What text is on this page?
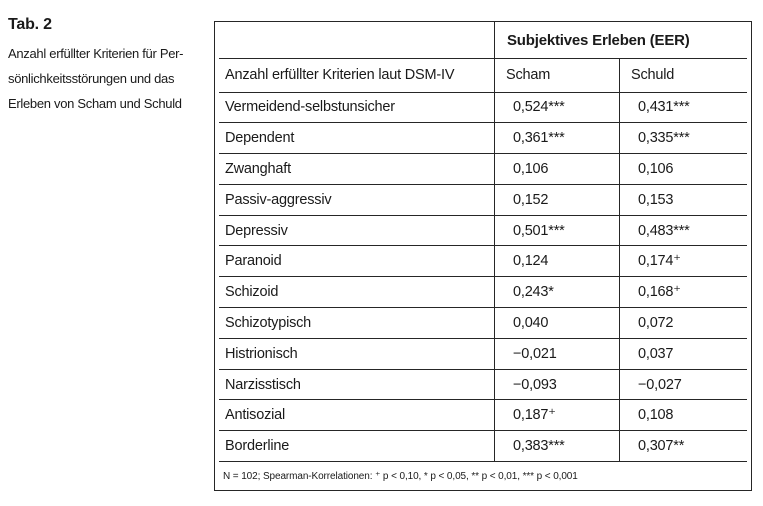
Tab. 2
Anzahl erfüllter Kriterien für Per-
sönlichkeitsstörungen und das
Erleben von Scham und Schuld
Subjektives Erleben (EER)
Anzahl erfüllter Kriterien laut DSM-IV	Scham	Schuld
Vermeidend-selbstunsicher	0,524***	0,431***
Dependent	0,361***	0,335***
Zwanghaft	0,106	0,106
Passiv-aggressiv	0,152	0,153
Depressiv	0,501***	0,483***
Paranoid	0,124	0,174⁺
Schizoid	0,243*	0,168⁺
Schizotypisch	0,040	0,072
Histrionisch	−0,021	0,037
Narzisstisch	−0,093	−0,027
Antisozial	0,187⁺	0,108
Borderline	0,383***	0,307**
N = 102; Spearman-Korrelationen: ⁺ p < 0,10, * p < 0,05, ** p < 0,01, *** p < 0,001
